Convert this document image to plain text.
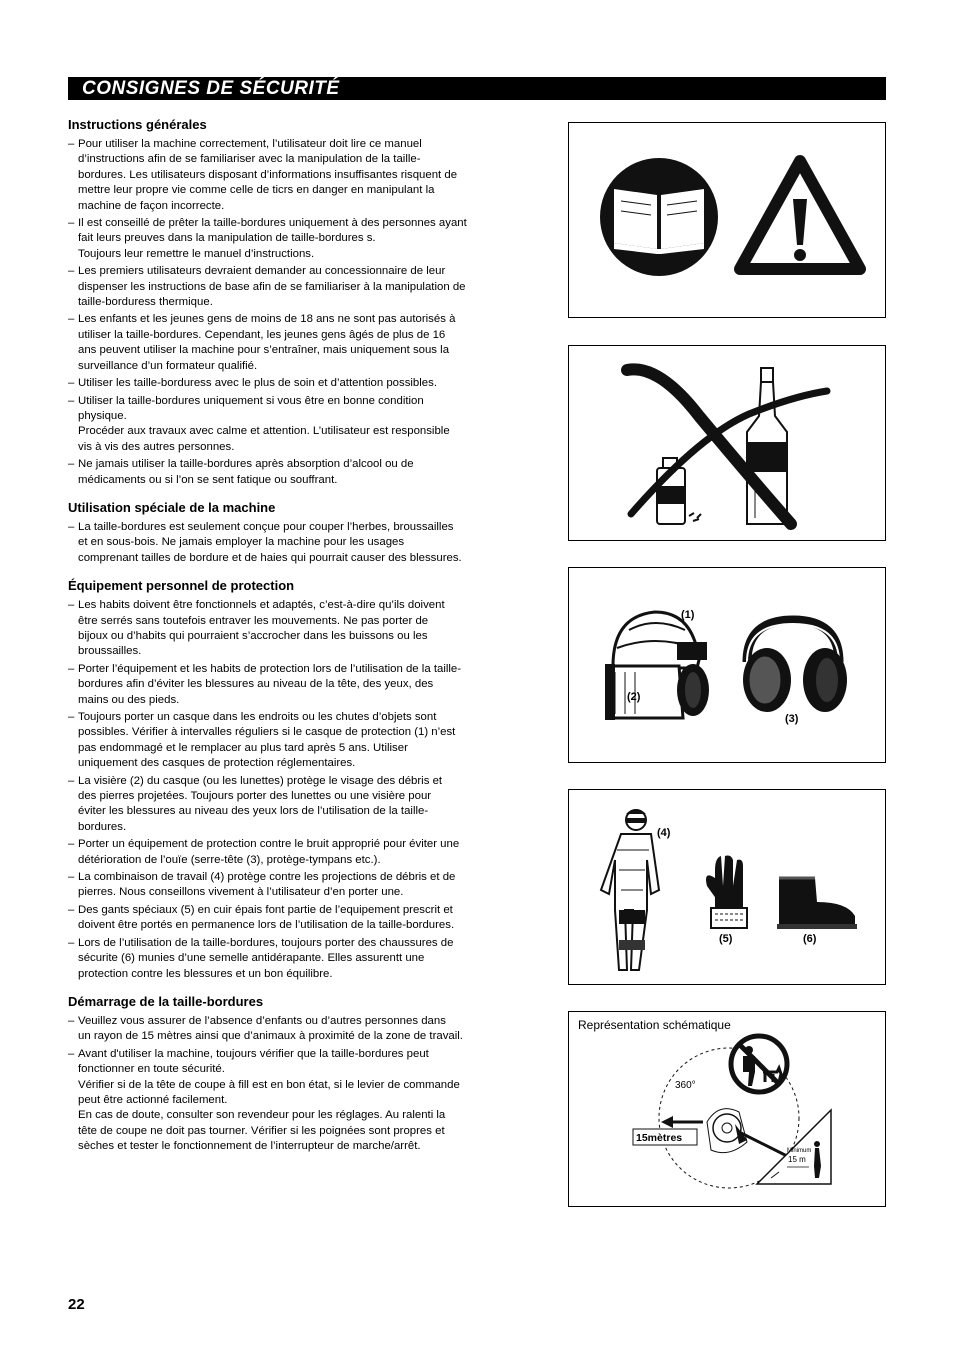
CONSIGNES DE SÉCURITÉ
Instructions générales
– Pour utiliser la machine correctement, l’utilisateur doit lire ce manuel
d’instructions afin de se familiariser avec la manipulation de la taille-
bordures. Les utilisateurs disposant d’informations insuffisantes risquent de
mettre leur propre vie comme celle de ticrs en danger en manipulant la
machine de façon incorrecte.
– Il est conseillé de prêter la taille-bordures uniquement à des personnes ayant
fait leurs preuves dans la manipulation de taille-bordures s.
Toujours leur remettre le manuel d’instructions.
– Les premiers utilisateurs devraient demander au concessionnaire de leur
dispenser les instructions de base afin de se familiariser à la manipulation de
taille-borduress thermique.
– Les enfants et les jeunes gens de moins de 18 ans ne sont pas autorisés à
utiliser la taille-bordures. Cependant, les jeunes gens âgés de plus de 16
ans peuvent utiliser la machine pour s’entraîner, mais uniquement sous la
surveillance d’un formateur qualifié.
– Utiliser les taille-borduress avec le plus de soin et d’attention possibles.
– Utiliser la taille-bordures uniquement si vous être en bonne condition
physique.
Procéder aux travaux avec calme et attention. L’utilisateur est responsible
vis à vis des autres personnes.
– Ne jamais utiliser la taille-bordures après absorption d’alcool ou de
médicaments ou si l’on se sent fatique ou souffrant.
Utilisation spéciale de la machine
– La taille-bordures est seulement conçue pour couper l’herbes, broussailles
et en sous-bois. Ne jamais employer la machine pour les usages
comprenant tailles de bordure et de haies qui pourrait causer des blessures.
Équipement personnel de protection
– Les habits doivent être fonctionnels et adaptés, c’est-à-dire qu’ils doivent
être serrés sans toutefois entraver les mouvements. Ne pas porter de
bijoux ou d’habits qui pourraient s’accrocher dans les buissons ou les
broussailles.
– Porter l’équipement et les habits de protection lors de l’utilisation de la taille-
bordures afin d’éviter les blessures au niveau de la tête, des yeux, des
mains ou des pieds.
– Toujours porter un casque dans les endroits ou les chutes d’objets sont
possibles. Vérifier à intervalles réguliers si le casque de protection (1) n’est
pas endommagé et le remplacer au plus tard après 5 ans. Utiliser
uniquement des casques de protection réglementaires.
– La visière (2) du casque (ou les lunettes) protège le visage des débris et
des pierres projetées. Toujours porter des lunettes ou une visière pour
éviter les blessures au niveau des yeux lors de l’utilisation de la taille-
bordures.
– Porter un équipement de protection contre le bruit approprié pour éviter une
détérioration de l’ouïe (serre-tête (3), protège-tympans etc.).
– La combinaison de travail (4) protège contre les projections de débris et de
pierres. Nous conseillons vivement à l’utilisateur d’en porter une.
– Des gants spéciaux (5) en cuir épais font partie de l’equipement prescrit et
doivent être portés en permanence lors de l’utilisation de la taille-bordures.
– Lors de l’utilisation de la taille-bordures, toujours porter des chaussures de
sécurite (6) munies d’une semelle antidérapante. Elles assurentt une
protection contre les blessures et un bon équilibre.
Démarrage de la taille-bordures
– Veuillez vous assurer de l’absence d’enfants ou d’autres personnes dans
un rayon de 15 mètres ainsi que d’animaux à proximité de la zone de travail.
– Avant d'utiliser la machine, toujours vérifier que la taille-bordures peut
fonctionner en toute sécurité.
Vérifier si de la tête de coupe à fill est en bon état, si le levier de commande
peut être actionné facilement.
En cas de doute, consulter son revendeur pour les réglages. Au ralenti la
tête de coupe ne doit pas tourner. Vérifier si les poignées sont propres et
sèches et tester le fonctionnement de l’interrupteur de marche/arrêt.
(1)
(2)
(3)
(4)
(5)	(6)
Représentation schématique
360°
15mètres
Minimum
15 m
22
